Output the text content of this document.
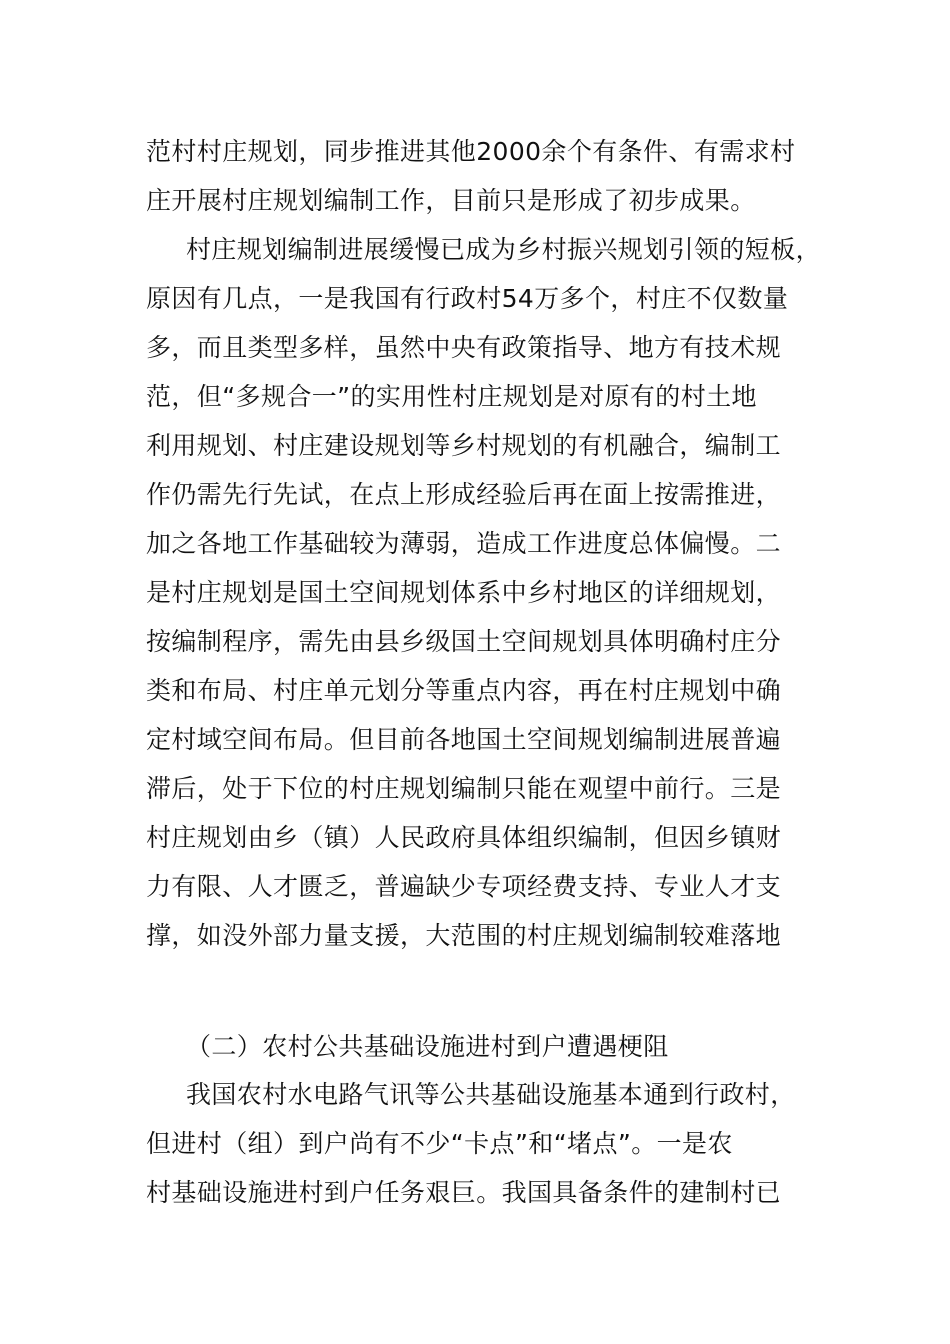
范村村庄规划，同步推进其他2000余个有条件、有需求村
庄开展村庄规划编制工作，目前只是形成了初步成果。
村庄规划编制进展缓慢已成为乡村振兴规划引领的短板，
原因有几点，一是我国有行政村54万多个，村庄不仅数量
多，而且类型多样，虽然中央有政策指导、地方有技术规
范，但“多规合一”的实用性村庄规划是对原有的村土地
利用规划、村庄建设规划等乡村规划的有机融合，编制工
作仍需先行先试，在点上形成经验后再在面上按需推进，
加之各地工作基础较为薄弱，造成工作进度总体偏慢。二
是村庄规划是国土空间规划体系中乡村地区的详细规划，
按编制程序，需先由县乡级国土空间规划具体明确村庄分
类和布局、村庄单元划分等重点内容，再在村庄规划中确
定村域空间布局。但目前各地国土空间规划编制进展普遍
滞后，处于下位的村庄规划编制只能在观望中前行。三是
村庄规划由乡（镇）人民政府具体组织编制，但因乡镇财
力有限、人才匮乏，普遍缺少专项经费支持、专业人才支
撑，如没外部力量支援，大范围的村庄规划编制较难落地
（二）农村公共基础设施进村到户遭遇梗阻
我国农村水电路气讯等公共基础设施基本通到行政村，
但进村（组）到户尚有不少“卡点”和“堵点”。一是农
村基础设施进村到户任务艰巨。我国具备条件的建制村已
